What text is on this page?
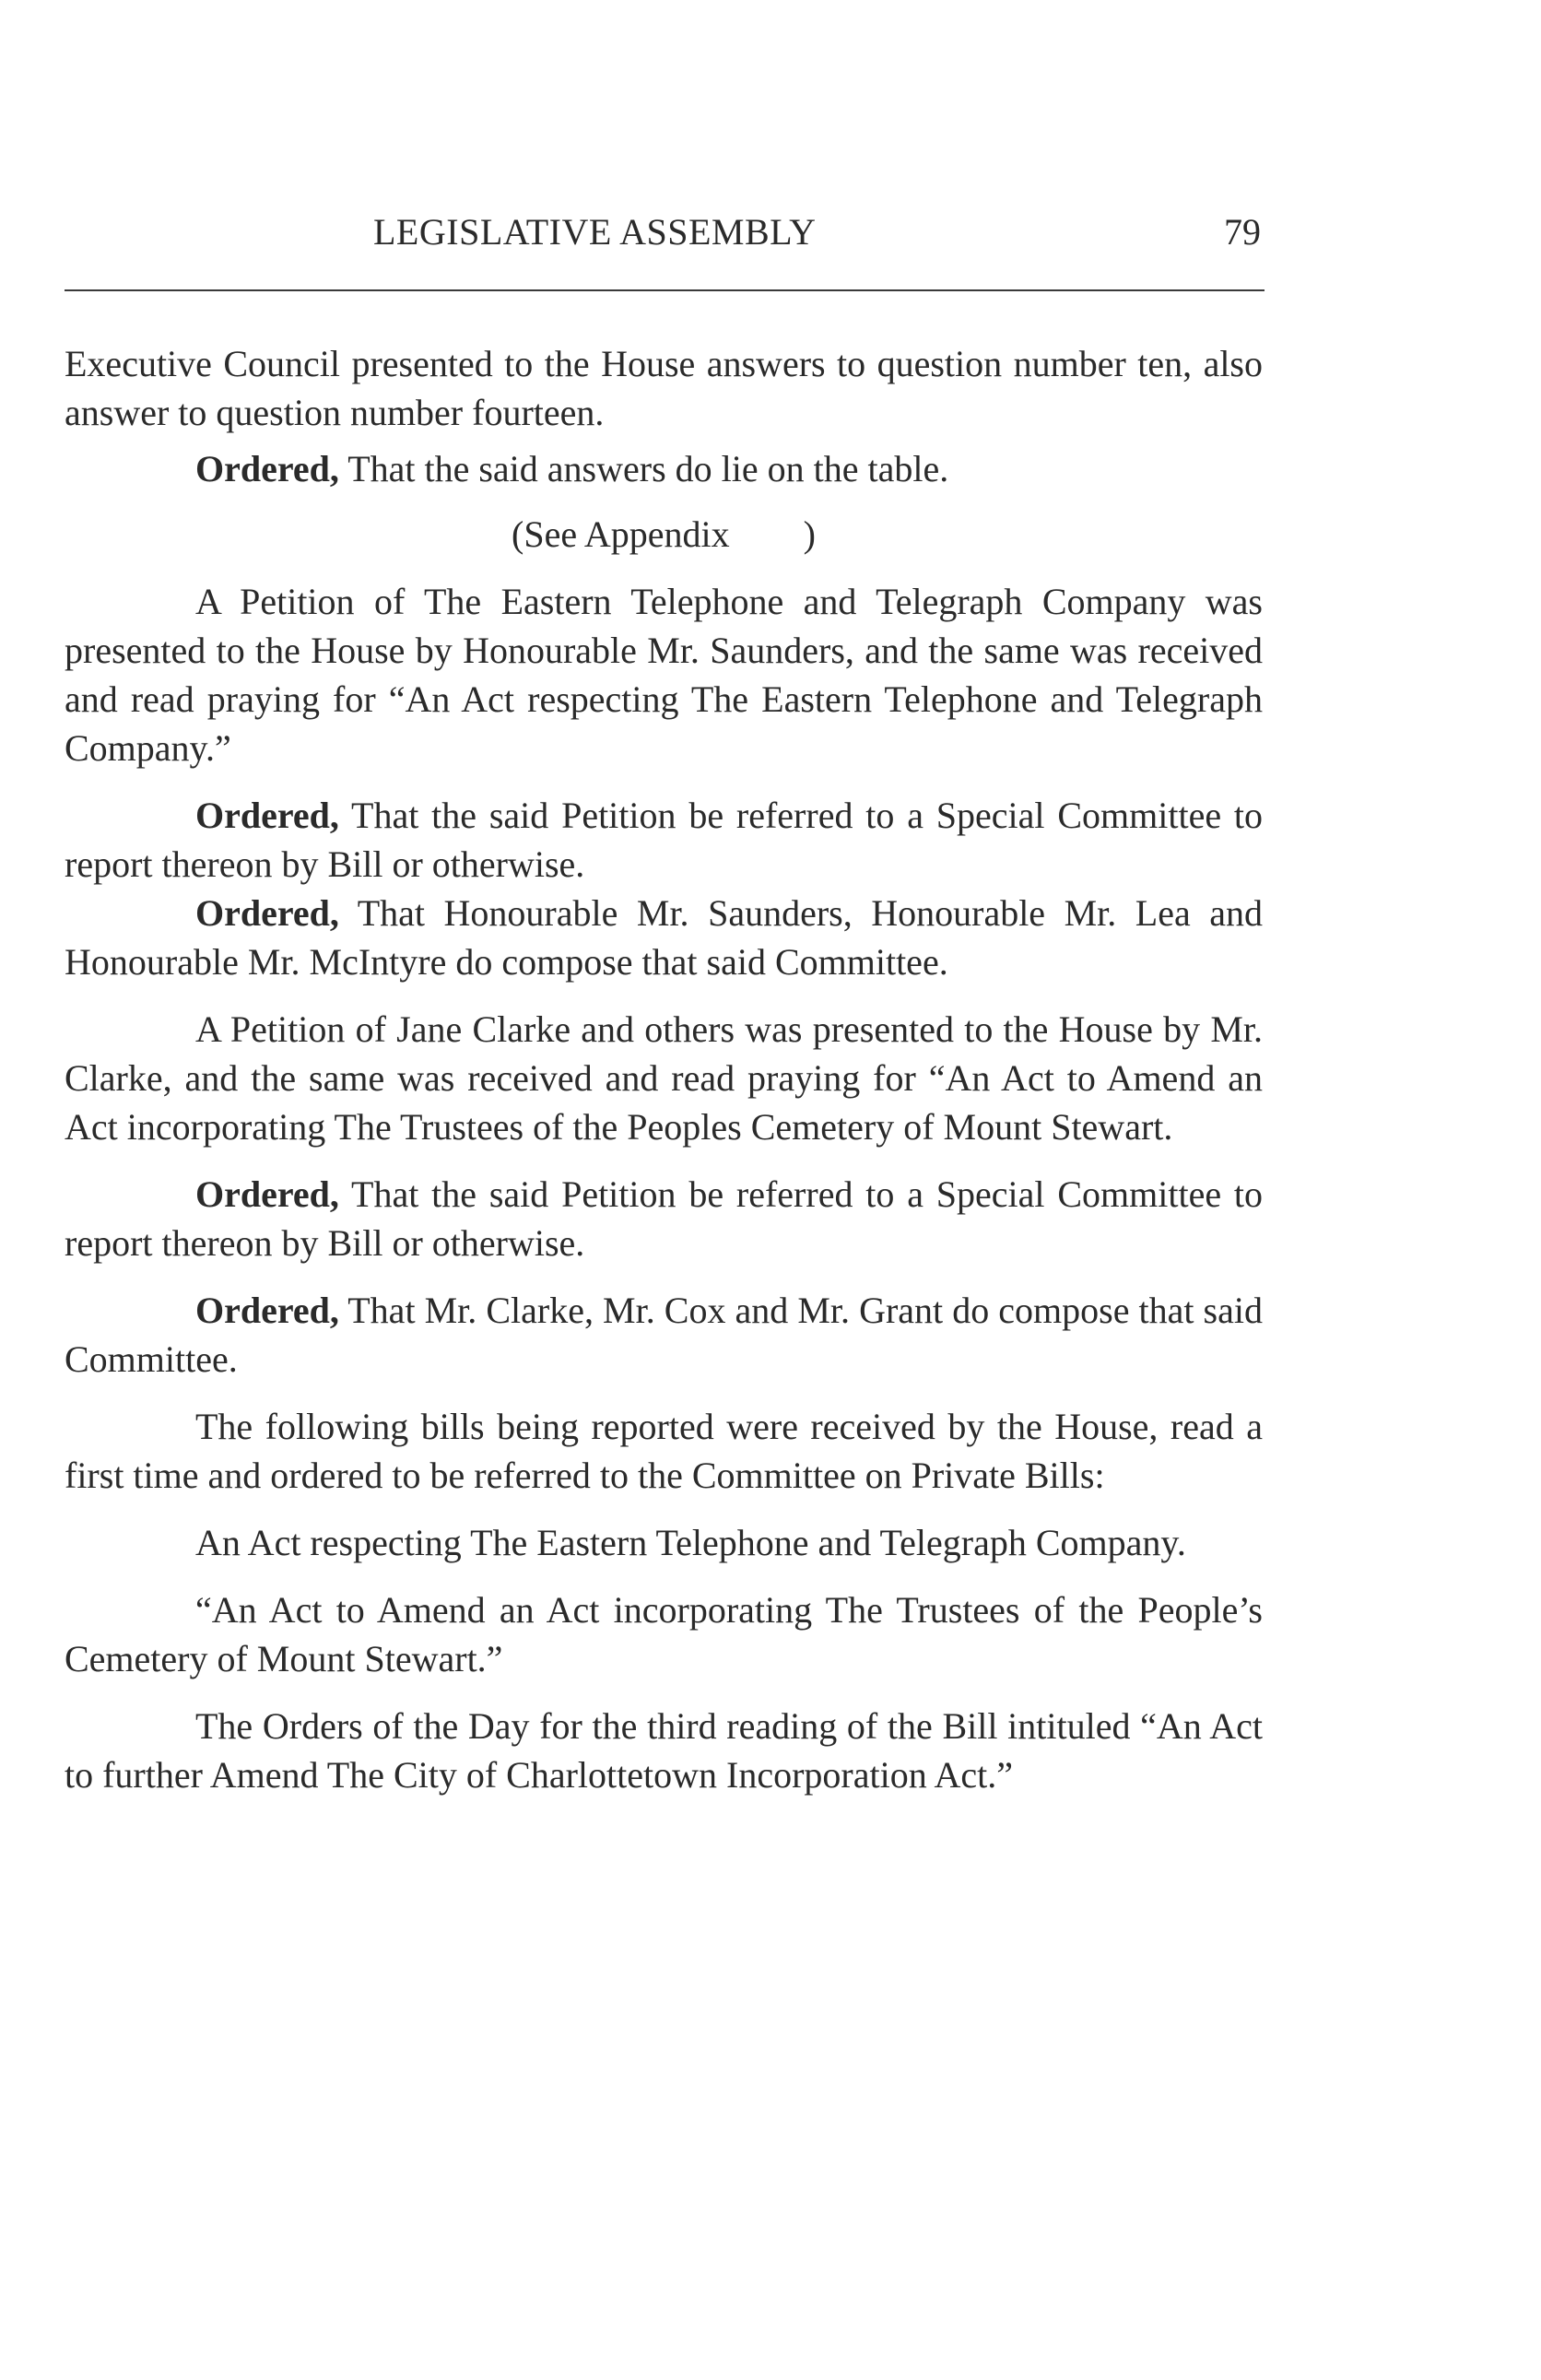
LEGISLATIVE ASSEMBLY	79

Executive Council presented to the House answers to question number ten, also answer to question number fourteen.

Ordered, That the said answers do lie on the table.

(See Appendix        )

A Petition of The Eastern Telephone and Telegraph Company was presented to the House by Honourable Mr. Saunders, and the same was received and read praying for “An Act respecting The Eastern Telephone and Telegraph Company.”

Ordered, That the said Petition be referred to a Special Committee to report thereon by Bill or otherwise.

Ordered, That Honourable Mr. Saunders, Honourable Mr. Lea and Honourable Mr. McIntyre do compose that said Committee.

A Petition of Jane Clarke and others was presented to the House by Mr. Clarke, and the same was received and read praying for “An Act to Amend an Act incorporating The Trustees of the Peoples Cemetery of Mount Stewart.

Ordered, That the said Petition be referred to a Special Committee to report thereon by Bill or otherwise.

Ordered, That Mr. Clarke, Mr. Cox and Mr. Grant do compose that said Committee.

The following bills being reported were received by the House, read a first time and ordered to be referred to the Committee on Private Bills:

An Act respecting The Eastern Telephone and Telegraph Company.

“An Act to Amend an Act incorporating The Trustees of the People’s Cemetery of Mount Stewart.”

The Orders of the Day for the third reading of the Bill intituled “An Act to further Amend The City of Charlottetown Incorporation Act.”
